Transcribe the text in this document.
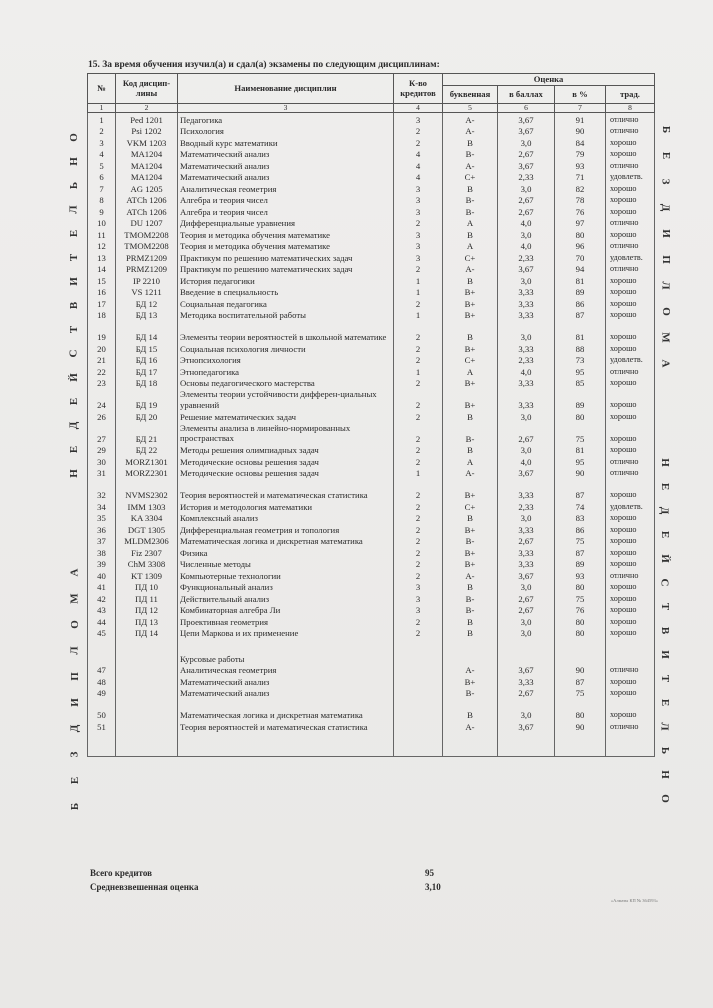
15. За время обучения изучил(а) и сдал(а) экзамены по следующим дисциплинам:
№	Код дисцип-лины	Наименование дисциплин	К-во кредитов	Оценка			
				буквенная	в баллах	в %	трад.
1	2	3	4	5	6	7	8
1	Ped 1201	Педагогика	3	A-	3,67	91	отлично
2	Psi 1202	Психология	2	A-	3,67	90	отлично
3	VKM 1203	Вводный курс математики	2	B	3,0	84	хорошо
4	MA1204	Математический анализ	4	B-	2,67	79	хорошо
5	MA1204	Математический анализ	4	A-	3,67	93	отлично
6	MA1204	Математический анализ	4	C+	2,33	71	удовлетв.
7	AG 1205	Аналитическая геометрия	3	B	3,0	82	хорошо
8	ATCh 1206	Алгебра и теория чисел	3	B-	2,67	78	хорошо
9	ATCh 1206	Алгебра и теория чисел	3	B-	2,67	76	хорошо
10	DU 1207	Дифференциальные уравнения	2	A	4,0	97	отлично
11	TMOM2208	Теория и методика обучения математике	3	B	3,0	80	хорошо
12	TMOM2208	Теория и методика обучения математике	3	A	4,0	96	отлично
13	PRMZ1209	Практикум по решению математических задач	3	C+	2,33	70	удовлетв.
14	PRMZ1209	Практикум по решению математических задач	2	A-	3,67	94	отлично
15	IP 2210	История педагогики	1	B	3,0	81	хорошо
16	VS 1211	Введение в специальность	1	B+	3,33	89	хорошо
17	БД 12	Социальная педагогика	2	B+	3,33	86	хорошо
18	БД 13	Методика воспитательной работы	1	B+	3,33	87	хорошо
19	БД 14	Элементы теории вероятностей в школьной математике	2	B	3,0	81	хорошо
20	БД 15	Социальная психология личности	2	B+	3,33	88	хорошо
21	БД 16	Этнопсихология	2	C+	2,33	73	удовлетв.
22	БД 17	Этнопедагогика	1	A	4,0	95	отлично
23	БД 18	Основы педагогического мастерства	2	B+	3,33	85	хорошо
24	БД 19	Элементы теории устойчивости дифферен-циальных уравнений	2	B+	3,33	89	хорошо
26	БД 20	Решение математических задач	2	B	3,0	80	хорошо
27	БД 21	Элементы анализа в линейно-нормированных пространствах	2	B-	2,67	75	хорошо
29	БД 22	Методы решения олимпиадных задач	2	B	3,0	81	хорошо
30	MORZ1301	Методические основы решения задач	2	A	4,0	95	отлично
31	MORZ2301	Методические основы решения задач	1	A-	3,67	90	отлично
32	NVMS2302	Теория вероятностей и математическая статистика	2	B+	3,33	87	хорошо
34	IMM 1303	История и методология математики	2	C+	2,33	74	удовлетв.
35	KA 3304	Комплексный анализ	2	B	3,0	83	хорошо
36	DGT 1305	Дифференциальная геометрия и топология	2	B+	3,33	86	хорошо
37	MLDM2306	Математическая логика и дискретная математика	2	B-	2,67	75	хорошо
38	Fiz 2307	Физика	2	B+	3,33	87	хорошо
39	ChM 3308	Численные методы	2	B+	3,33	89	хорошо
40	KT 1309	Компьютерные технологии	2	A-	3,67	93	отлично
41	ПД 10	Функциональный анализ	3	B	3,0	80	хорошо
42	ПД 11	Действительный анализ	3	B-	2,67	75	хорошо
43	ПД 12	Комбинаторная алгебра Ли	3	B-	2,67	76	хорошо
44	ПД 13	Проективная геометрия	2	B	3,0	80	хорошо
45	ПД 14	Цепи Маркова и их применение	2	B	3,0	80	хорошо

		Курсовые работы					
47		Аналитическая геометрия		A-	3,67	90	отлично
48		Математический анализ		B+	3,33	87	хорошо
49		Математический анализ		B-	2,67	75	хорошо
50		Математическая логика и дискретная математика		B	3,0	80	хорошо
51		Теория вероятностей и математическая статистика		A-	3,67	90	отлично

О
Н
Ь
Л
Е
Т
И
В
Т
С
Й
Е
Д
Е
Н
А
М
О
Л
П
И
Д
З
Е
Б
Б
Е
З
Д
И
П
Л
О
М
А
Н
Е
Д
Е
Й
С
Т
В
И
Т
Е
Л
Ь
Н
О
Всего кредитов	95
Средневзвешенная оценка	3,10
«Алматы КП № 364593»
